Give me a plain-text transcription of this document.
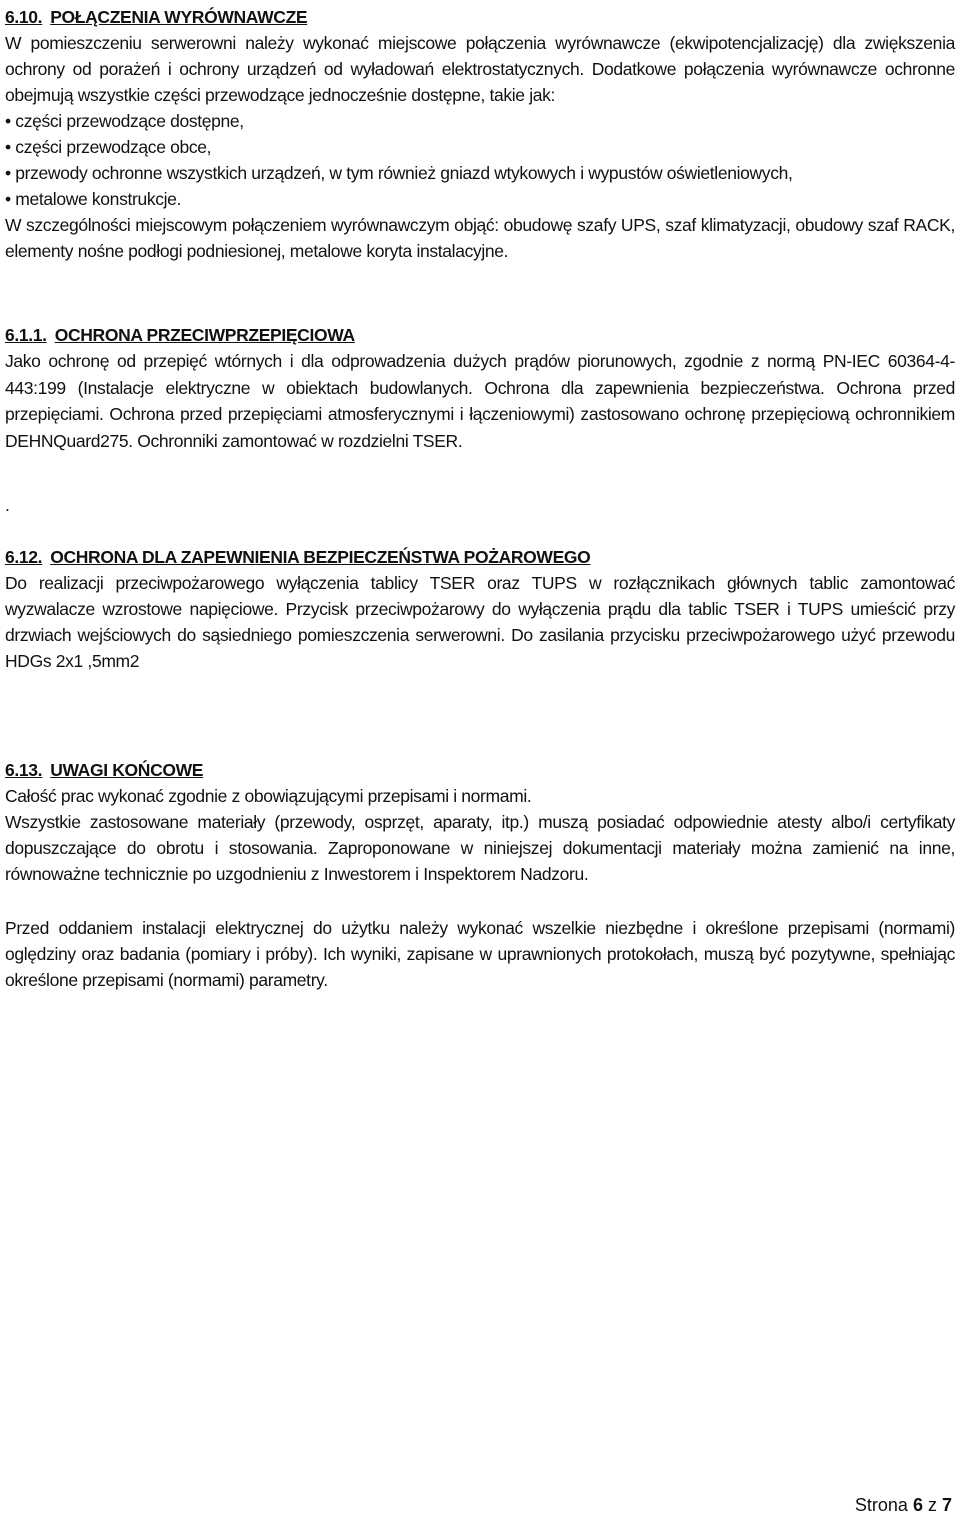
6.10. POŁĄCZENIA WYRÓWNAWCZE
W pomieszczeniu serwerowni należy wykonać miejscowe połączenia wyrównawcze (ekwipotencjalizację) dla zwiększenia ochrony od porażeń i ochrony urządzeń od wyładowań elektrostatycznych. Dodatkowe połączenia wyrównawcze ochronne obejmują wszystkie części przewodzące jednocześnie dostępne, takie jak:
• części przewodzące dostępne,
• części przewodzące obce,
• przewody ochronne wszystkich urządzeń, w tym również gniazd wtykowych i wypustów oświetleniowych,
• metalowe konstrukcje.
W szczególności miejscowym połączeniem wyrównawczym objąć: obudowę szafy UPS, szaf klimatyzacji, obudowy szaf RACK, elementy nośne podłogi podniesionej, metalowe koryta instalacyjne.
6.1.1. OCHRONA PRZECIWPRZEPIĘCIOWA
Jako ochronę od przepięć wtórnych i dla odprowadzenia dużych prądów piorunowych, zgodnie z normą PN-IEC 60364-4-443:199 (Instalacje elektryczne w obiektach budowlanych. Ochrona dla zapewnienia bezpieczeństwa. Ochrona przed przepięciami. Ochrona przed przepięciami atmosferycznymi i łączeniowymi) zastosowano ochronę przepięciową ochronnikiem DEHNQuard275. Ochronniki zamontować w rozdzielni TSER.
.
6.12. OCHRONA DLA ZAPEWNIENIA BEZPIECZEŃSTWA POŻAROWEGO
Do realizacji przeciwpożarowego wyłączenia tablicy TSER oraz TUPS w rozłącznikach głównych tablic zamontować wyzwalacze wzrostowe napięciowe. Przycisk przeciwpożarowy do wyłączenia prądu dla tablic TSER i TUPS umieścić przy drzwiach wejściowych do sąsiedniego pomieszczenia serwerowni. Do zasilania przycisku przeciwpożarowego użyć przewodu HDGs 2x1 ,5mm2
6.13. UWAGI KOŃCOWE
Całość prac wykonać zgodnie z obowiązującymi przepisami i normami.
Wszystkie zastosowane materiały (przewody, osprzęt, aparaty, itp.) muszą posiadać odpowiednie atesty albo/i certyfikaty dopuszczające do obrotu i stosowania. Zaproponowane w niniejszej dokumentacji materiały można zamienić na inne, równoważne technicznie po uzgodnieniu z Inwestorem i Inspektorem Nadzoru.
Przed oddaniem instalacji elektrycznej do użytku należy wykonać wszelkie niezbędne i określone przepisami (normami) oględziny oraz badania (pomiary i próby). Ich wyniki, zapisane w uprawnionych protokołach, muszą być pozytywne, spełniając określone przepisami (normami) parametry.
Strona 6 z 7
